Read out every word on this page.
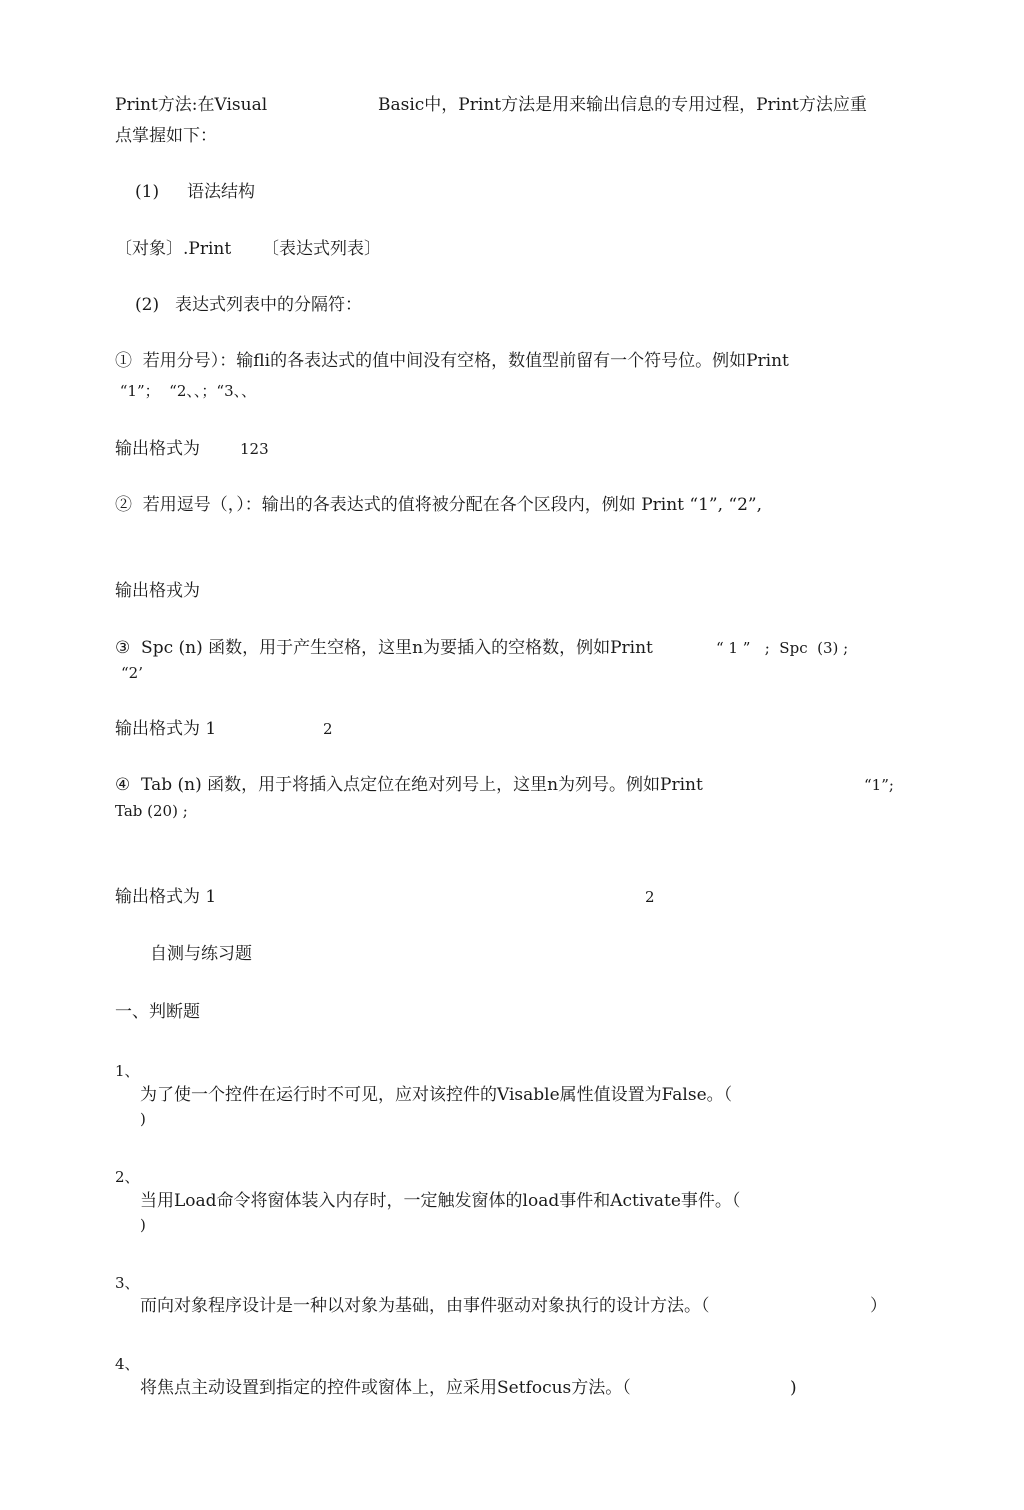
Print方法:在Visual	Basic中，Print方法是用来输出信息的专用过程，Print方法应重
点掌握如下：
(1) 语法结构
〔对象〕.Print 〔表达式列表〕
(2) 表达式列表中的分隔符：
①  若用分号）：输fli的各表达式的值中间没有空格，数值型前留有一个符号位。例如Print
“1”；  “2、、；“3、、
输出格式为	123
②  若用逗号（，）：输出的各表达式的值将被分配在各个区段内，例如 Print “1”, “2”,
输出格戎为
③  Spc (n) 函数，用于产生空格，这里n为要插入的空格数，例如Print	“ 1 ”   ;  Spc  (3) ;
“2’
输出格式为 1	2
④  Tab (n) 函数，用于将插入点定位在绝对列号上，这里n为列号。例如Print	“1”;
Tab (20) ;
输出格式为 1	2
自测与练习题
一、判断题
1、
为了使一个控件在运行时不可见，应对该控件的Visable属性值设置为False。（
)
2、
当用Load命令将窗体装入内存时，一定触发窗体的load事件和Activate事件。（
)
3、
而向对象程序设计是一种以对象为基础，由事件驱动对象执行的设计方法。（	）
4、
将焦点主动设置到指定的控件或窗体上，应采用Setfocus方法。（	)
